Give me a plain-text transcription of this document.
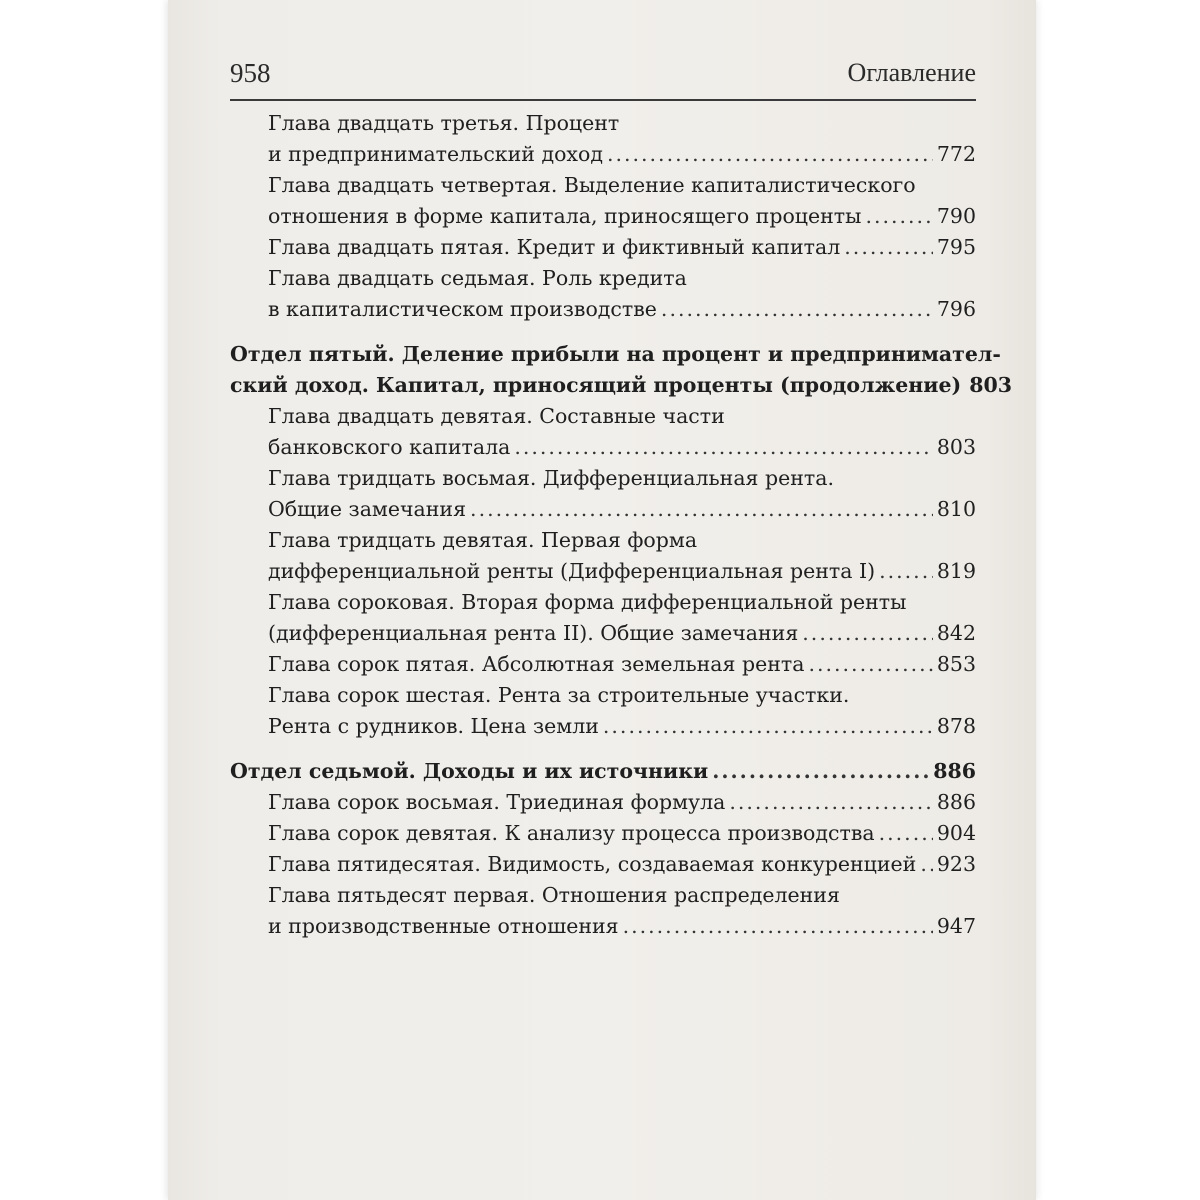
958	Оглавление
Глава двадцать третья. Процент
и предпринимательский доход .....	772
Глава двадцать четвертая. Выделение капиталистического
отношения в форме капитала, приносящего проценты .....	790
Глава двадцать пятая. Кредит и фиктивный капитал .....	795
Глава двадцать седьмая. Роль кредита
в капиталистическом производстве .....	796
Отдел пятый. Деление прибыли на процент и предпринимател-
ский доход. Капитал, приносящий проценты (продолжение) 803
Глава двадцать девятая. Составные части
банковского капитала .....	803
Глава тридцать восьмая. Дифференциальная рента.
Общие замечания .....	810
Глава тридцать девятая. Первая форма
дифференциальной ренты (Дифференциальная рента I) .....	819
Глава сороковая. Вторая форма дифференциальной ренты
(дифференциальная рента II). Общие замечания .....	842
Глава сорок пятая. Абсолютная земельная рента .....	853
Глава сорок шестая. Рента за строительные участки.
Рента с рудников. Цена земли .....	878
Отдел седьмой. Доходы и их источники .....	886
Глава сорок восьмая. Триединая формула .....	886
Глава сорок девятая. К анализу процесса производства .....	904
Глава пятидесятая. Видимость, создаваемая конкуренцией ..... 923
Глава пятьдесят первая. Отношения распределения
и производственные отношения .....	947
